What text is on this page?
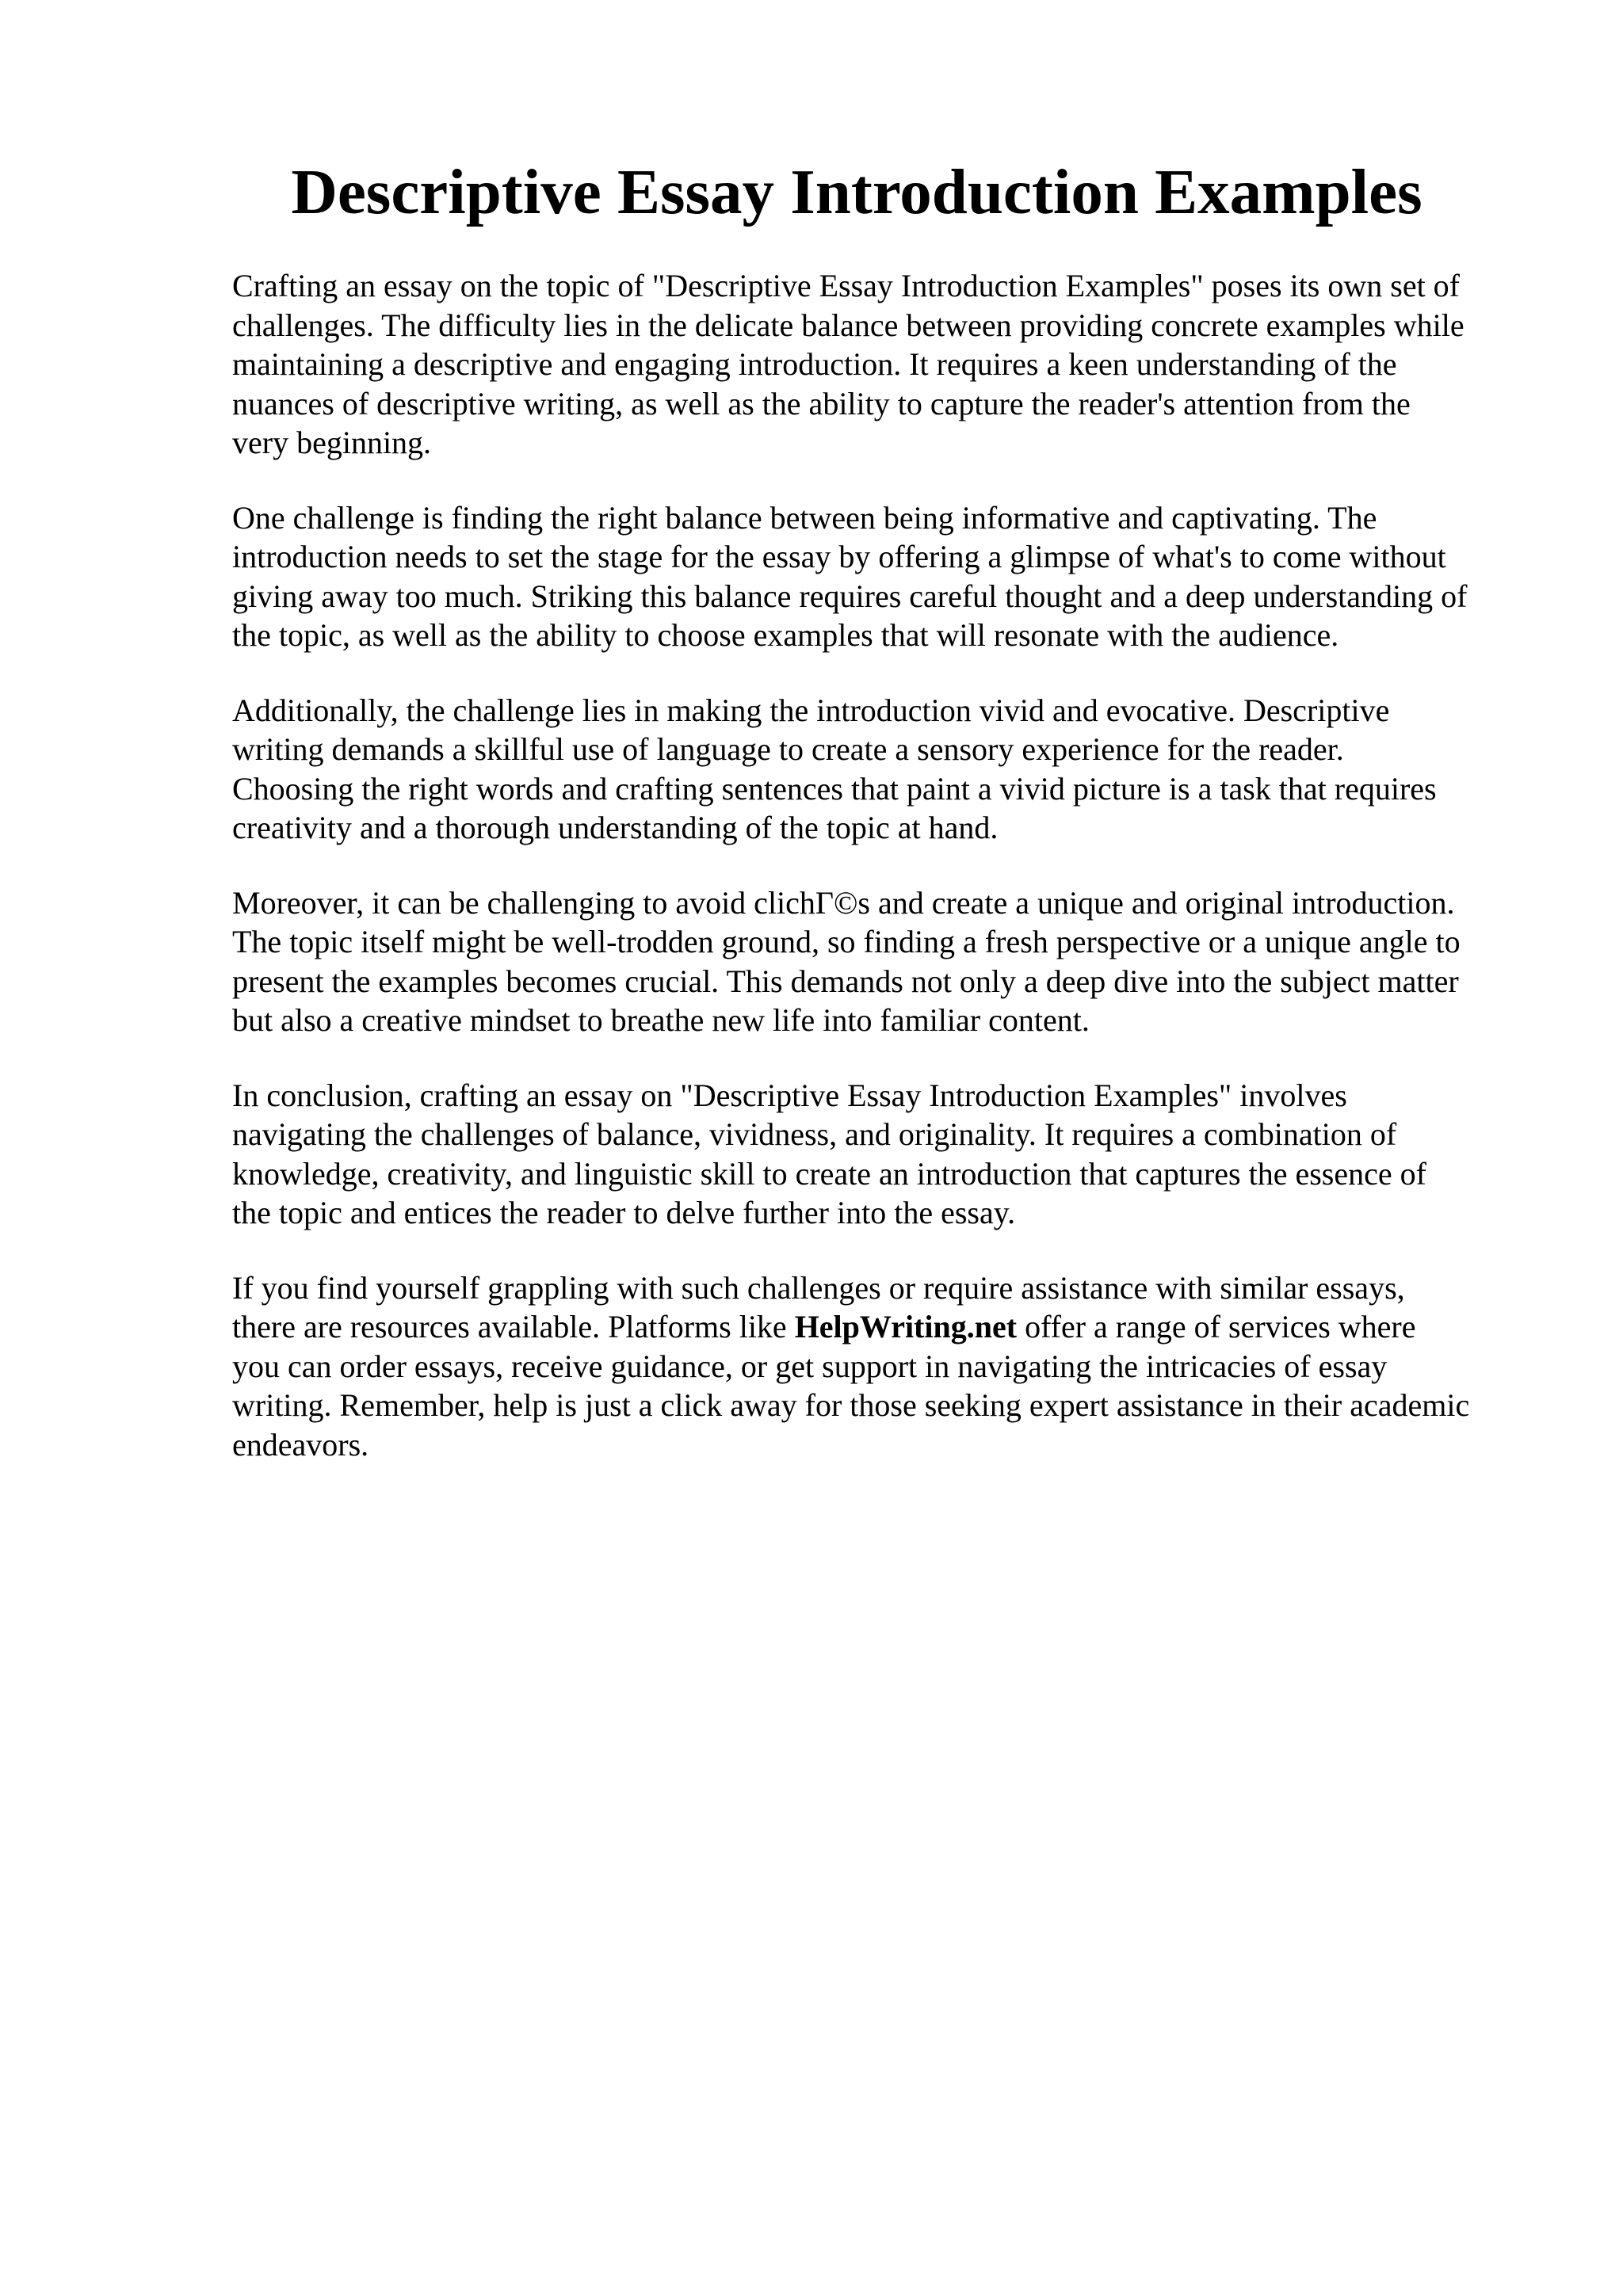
Descriptive Essay Introduction Examples

Crafting an essay on the topic of "Descriptive Essay Introduction Examples" poses its own set of
challenges. The difficulty lies in the delicate balance between providing concrete examples while
maintaining a descriptive and engaging introduction. It requires a keen understanding of the
nuances of descriptive writing, as well as the ability to capture the reader's attention from the
very beginning.

One challenge is finding the right balance between being informative and captivating. The
introduction needs to set the stage for the essay by offering a glimpse of what's to come without
giving away too much. Striking this balance requires careful thought and a deep understanding of
the topic, as well as the ability to choose examples that will resonate with the audience.

Additionally, the challenge lies in making the introduction vivid and evocative. Descriptive
writing demands a skillful use of language to create a sensory experience for the reader.
Choosing the right words and crafting sentences that paint a vivid picture is a task that requires
creativity and a thorough understanding of the topic at hand.

Moreover, it can be challenging to avoid clichГ©s and create a unique and original introduction.
The topic itself might be well-trodden ground, so finding a fresh perspective or a unique angle to
present the examples becomes crucial. This demands not only a deep dive into the subject matter
but also a creative mindset to breathe new life into familiar content.

In conclusion, crafting an essay on "Descriptive Essay Introduction Examples" involves
navigating the challenges of balance, vividness, and originality. It requires a combination of
knowledge, creativity, and linguistic skill to create an introduction that captures the essence of
the topic and entices the reader to delve further into the essay.

If you find yourself grappling with such challenges or require assistance with similar essays,
there are resources available. Platforms like HelpWriting.net offer a range of services where
you can order essays, receive guidance, or get support in navigating the intricacies of essay
writing. Remember, help is just a click away for those seeking expert assistance in their academic
endeavors.
